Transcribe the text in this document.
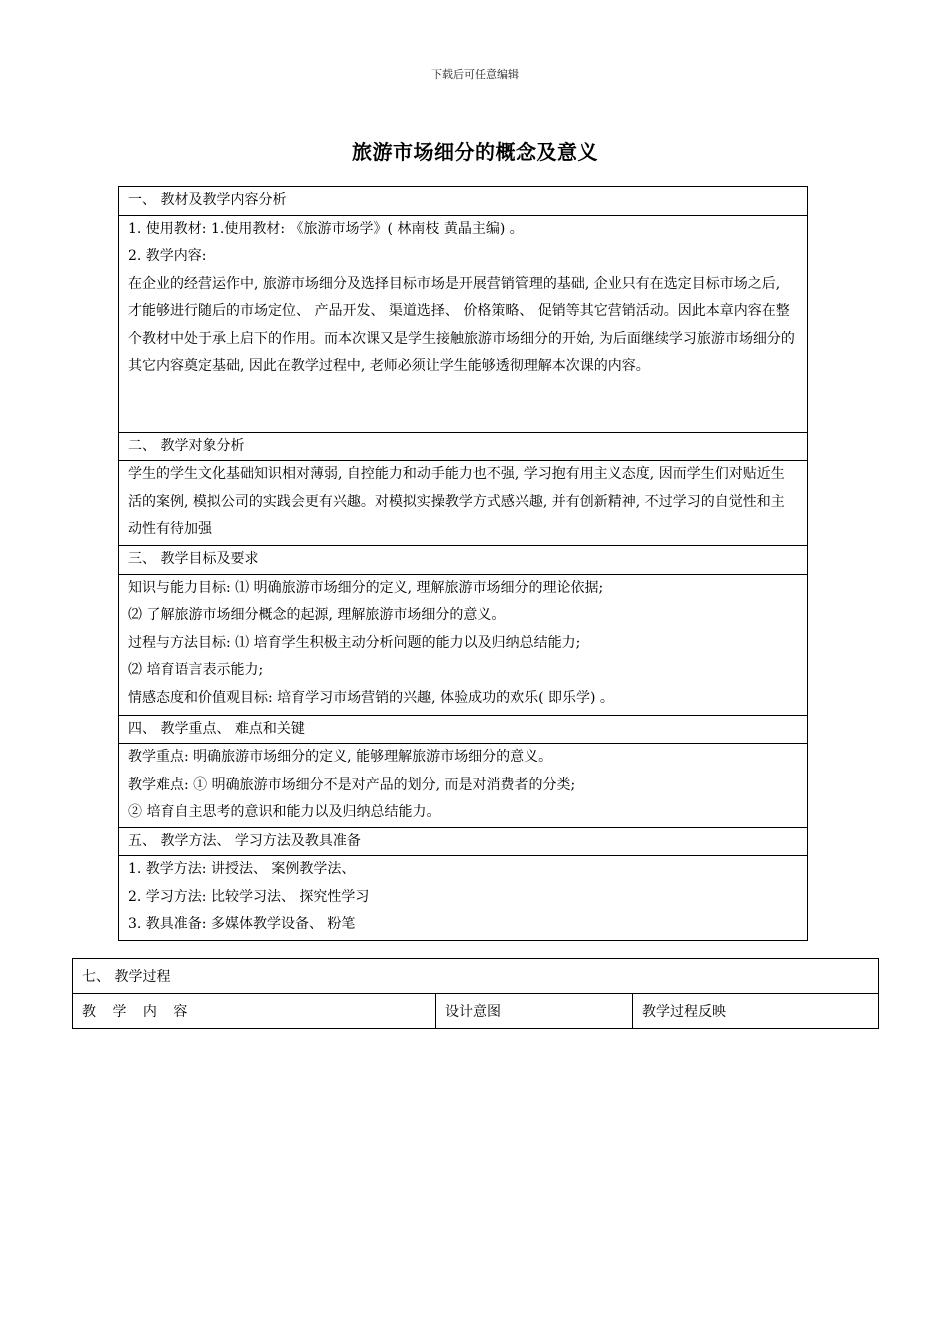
下载后可任意编辑
旅游市场细分的概念及意义
一、 教材及教学内容分析

1. 使用教材: 1.使用教材: 《旅游市场学》( 林南枝 黄晶主编) 。
2. 教学内容:
在企业的经营运作中, 旅游市场细分及选择目标市场是开展营销管理的基础, 企业只有在选定目标市场之后, 才能够进行随后的市场定位、 产品开发、 渠道选择、 价格策略、 促销等其它营销活动。因此本章内容在整个教材中处于承上启下的作用。而本次课又是学生接触旅游市场细分的开始, 为后面继续学习旅游市场细分的其它内容奠定基础, 因此在教学过程中, 老师必须让学生能够透彻理解本次课的内容。

二、 教学对象分析

学生的学生文化基础知识相对薄弱, 自控能力和动手能力也不强, 学习抱有用主义态度, 因而学生们对贴近生活的案例, 模拟公司的实践会更有兴趣。对模拟实操教学方式感兴趣, 并有创新精神, 不过学习的自觉性和主动性有待加强

三、 教学目标及要求

知识与能力目标: ⑴ 明确旅游市场细分的定义, 理解旅游市场细分的理论依据;
⑵ 了解旅游市场细分概念的起源, 理解旅游市场细分的意义。
过程与方法目标: ⑴ 培育学生积极主动分析问题的能力以及归纳总结能力;
⑵ 培育语言表示能力;
情感态度和价值观目标: 培育学习市场营销的兴趣, 体验成功的欢乐( 即乐学) 。

四、 教学重点、 难点和关键

教学重点: 明确旅游市场细分的定义, 能够理解旅游市场细分的意义。
教学难点: ① 明确旅游市场细分不是对产品的划分, 而是对消费者的分类;
② 培育自主思考的意识和能力以及归纳总结能力。

五、 教学方法、 学习方法及教具准备

1. 教学方法: 讲授法、 案例教学法、
2. 学习方法: 比较学习法、 探究性学习
3. 教具准备: 多媒体教学设备、 粉笔
七、 教学过程
教 学 内 容	设计意图	教学过程反映
